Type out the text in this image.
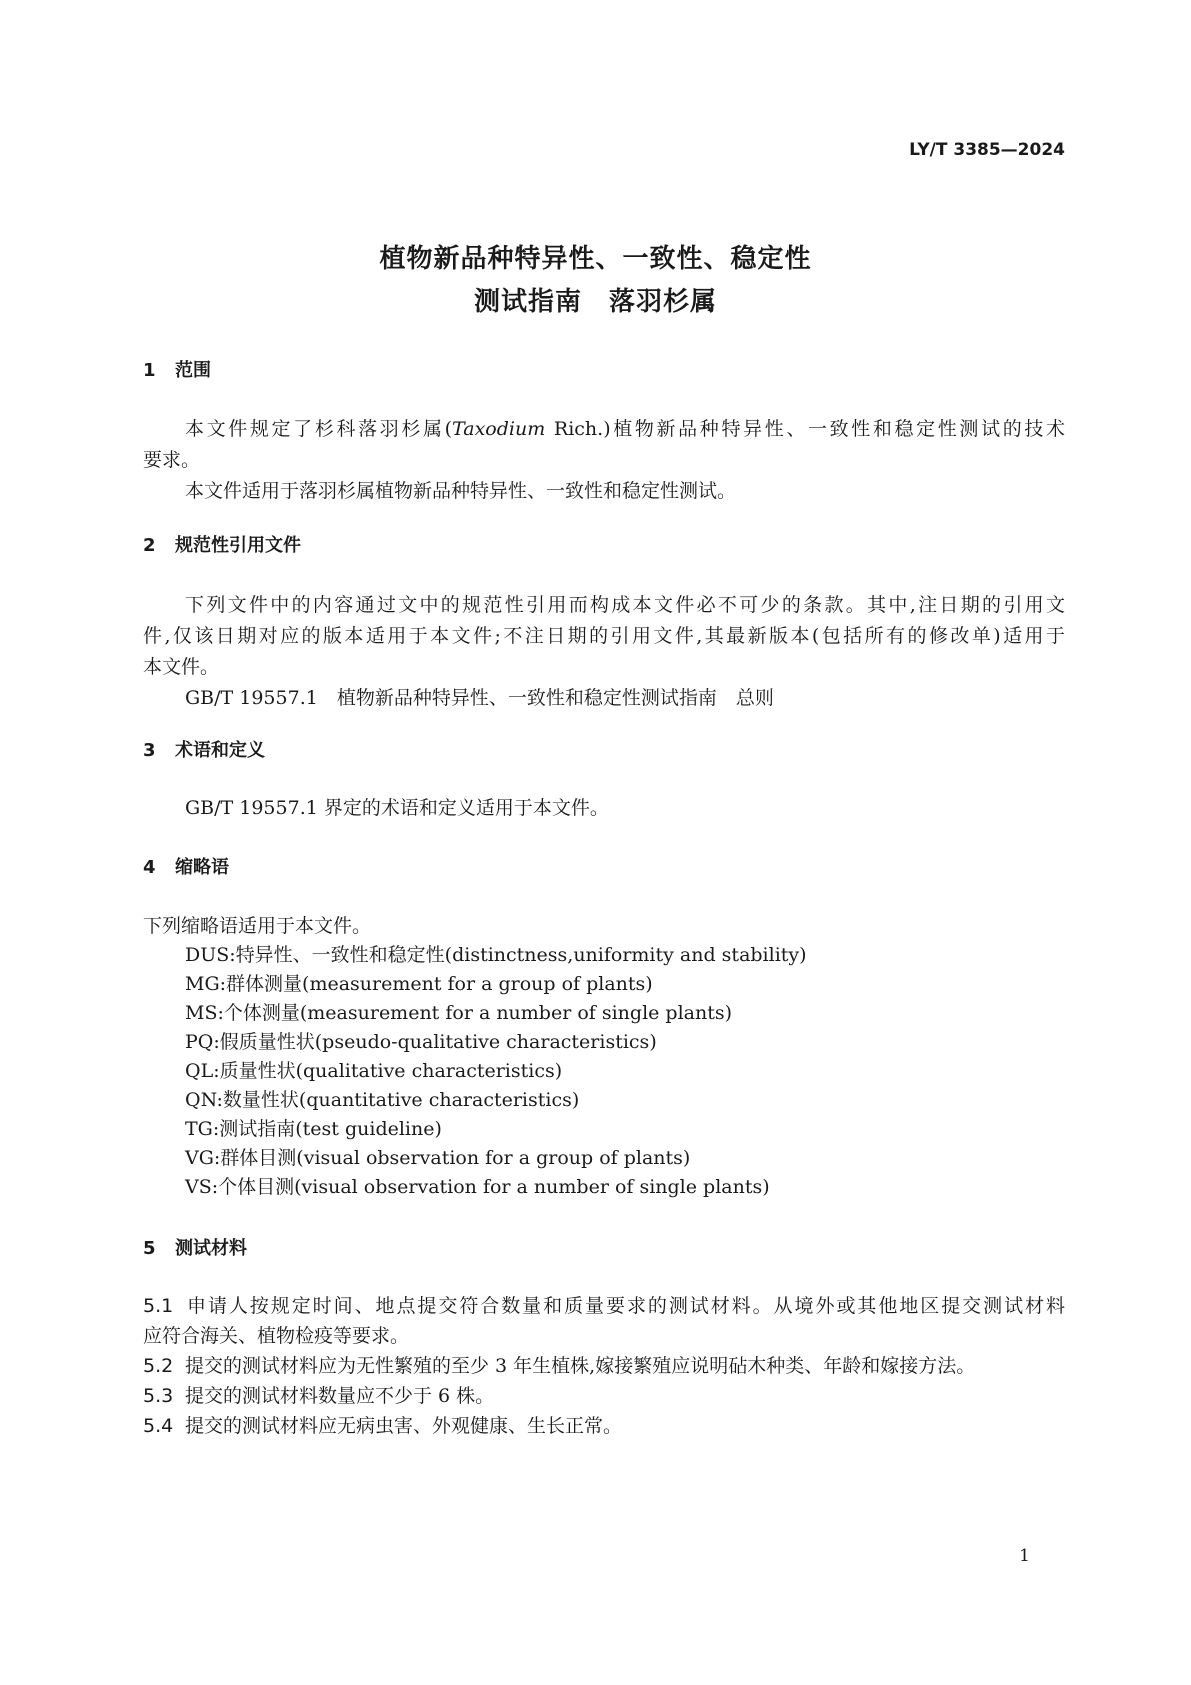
LY/T 3385—2024
植物新品种特异性、一致性、稳定性
测试指南　落羽杉属
1 范围
本文件规定了杉科落羽杉属(Taxodium Rich.)植物新品种特异性、一致性和稳定性测试的技术
要求。
本文件适用于落羽杉属植物新品种特异性、一致性和稳定性测试。
2 规范性引用文件
下列文件中的内容通过文中的规范性引用而构成本文件必不可少的条款。其中,注日期的引用文
件,仅该日期对应的版本适用于本文件;不注日期的引用文件,其最新版本(包括所有的修改单)适用于
本文件。
GB/T 19557.1　植物新品种特异性、一致性和稳定性测试指南　总则
3 术语和定义
GB/T 19557.1 界定的术语和定义适用于本文件。
4 缩略语
下列缩略语适用于本文件。
DUS:特异性、一致性和稳定性(distinctness,uniformity and stability)
MG:群体测量(measurement for a group of plants)
MS:个体测量(measurement for a number of single plants)
PQ:假质量性状(pseudo-qualitative characteristics)
QL:质量性状(qualitative characteristics)
QN:数量性状(quantitative characteristics)
TG:测试指南(test guideline)
VG:群体目测(visual observation for a group of plants)
VS:个体目测(visual observation for a number of single plants)
5 测试材料
5.1 申请人按规定时间、地点提交符合数量和质量要求的测试材料。从境外或其他地区提交测试材料
应符合海关、植物检疫等要求。
5.2 提交的测试材料应为无性繁殖的至少 3 年生植株,嫁接繁殖应说明砧木种类、年龄和嫁接方法。
5.3 提交的测试材料数量应不少于 6 株。
5.4 提交的测试材料应无病虫害、外观健康、生长正常。
1
